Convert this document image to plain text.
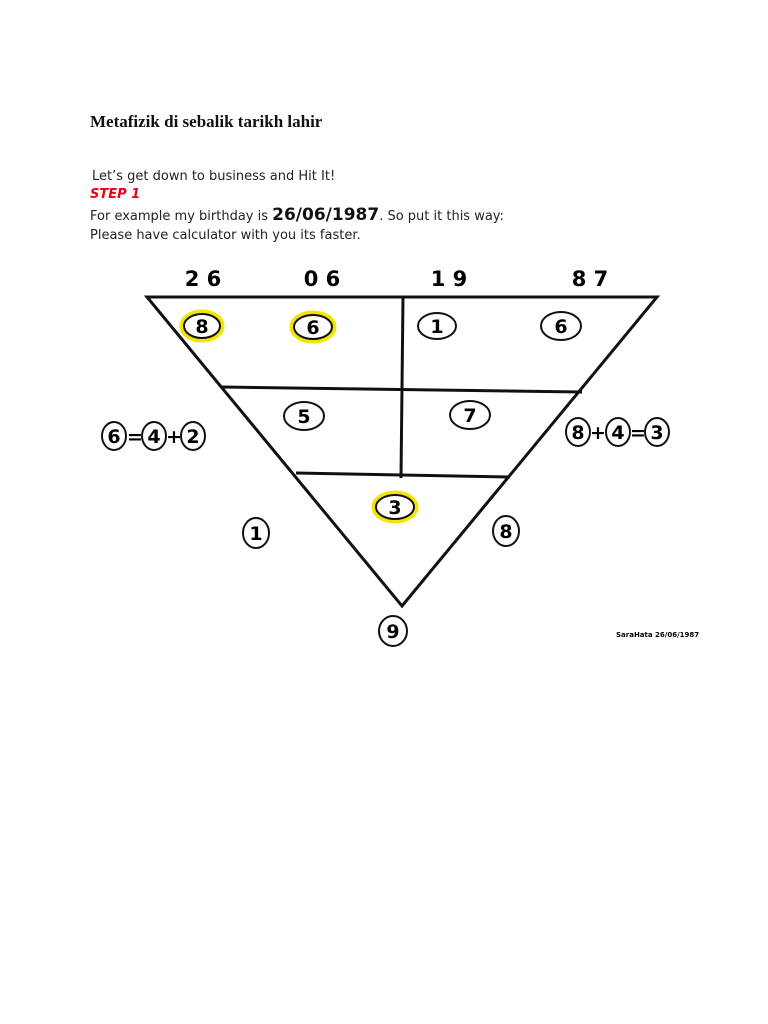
Metafizik di sebalik tarikh lahir
Let’s get down to business and Hit It!
STEP 1
For example my birthday is 26/06/1987. So put it this way:
Please have calculator with you its faster.
2 6	0 6	1 9	8 7
8	6	1	6
5	7
3
9
1	8
6 = 4 + 2	8 + 4 = 3
SaraHata 26/06/1987
